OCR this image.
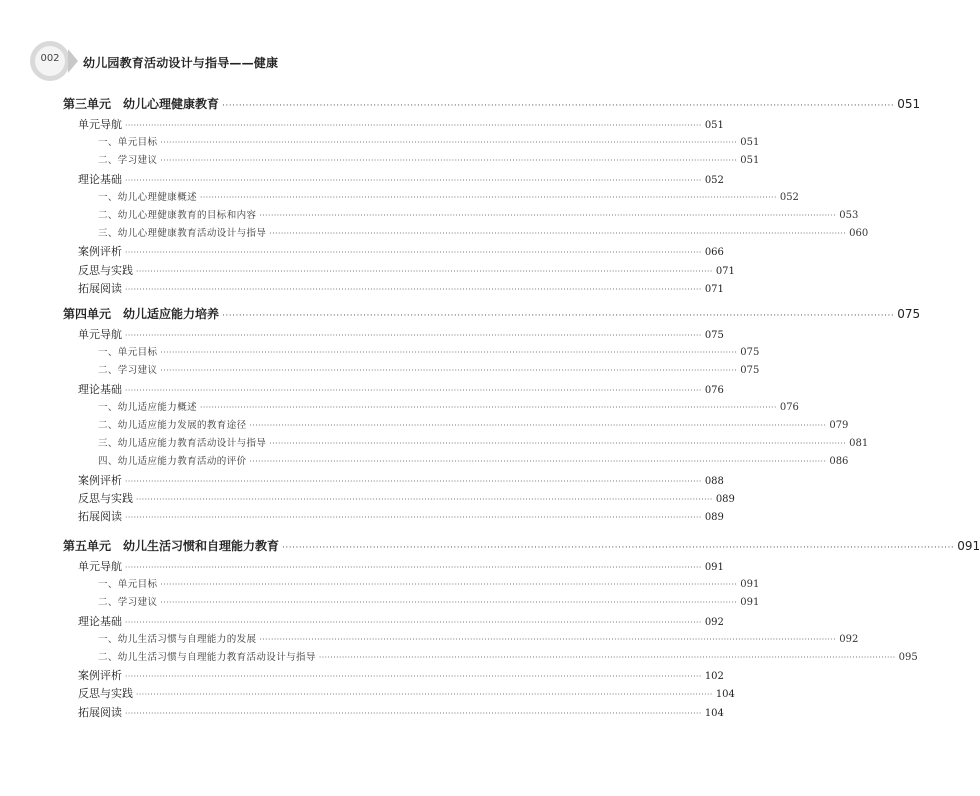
002	幼儿园教育活动设计与指导——健康
第三单元　幼儿心理健康教育 ········································································································································································································ 051
单元导航 ········································································································································································································ 051
一、单元目标 ········································································································································································································ 051
二、学习建议 ········································································································································································································ 051
理论基础 ········································································································································································································ 052
一、幼儿心理健康概述 ········································································································································································································ 052
二、幼儿心理健康教育的目标和内容 ········································································································································································································ 053
三、幼儿心理健康教育活动设计与指导 ········································································································································································································ 060
案例评析 ········································································································································································································ 066
反思与实践 ········································································································································································································ 071
拓展阅读 ········································································································································································································ 071
第四单元　幼儿适应能力培养 ········································································································································································································ 075
单元导航 ········································································································································································································ 075
一、单元目标 ········································································································································································································ 075
二、学习建议 ········································································································································································································ 075
理论基础 ········································································································································································································ 076
一、幼儿适应能力概述 ········································································································································································································ 076
二、幼儿适应能力发展的教育途径 ········································································································································································································ 079
三、幼儿适应能力教育活动设计与指导 ········································································································································································································ 081
四、幼儿适应能力教育活动的评价 ········································································································································································································ 086
案例评析 ········································································································································································································ 088
反思与实践 ········································································································································································································ 089
拓展阅读 ········································································································································································································ 089
第五单元　幼儿生活习惯和自理能力教育 ········································································································································································································ 091
单元导航 ········································································································································································································ 091
一、单元目标 ········································································································································································································ 091
二、学习建议 ········································································································································································································ 091
理论基础 ········································································································································································································ 092
一、幼儿生活习惯与自理能力的发展 ········································································································································································································ 092
二、幼儿生活习惯与自理能力教育活动设计与指导 ········································································································································································································ 095
案例评析 ········································································································································································································ 102
反思与实践 ········································································································································································································ 104
拓展阅读 ········································································································································································································ 104
